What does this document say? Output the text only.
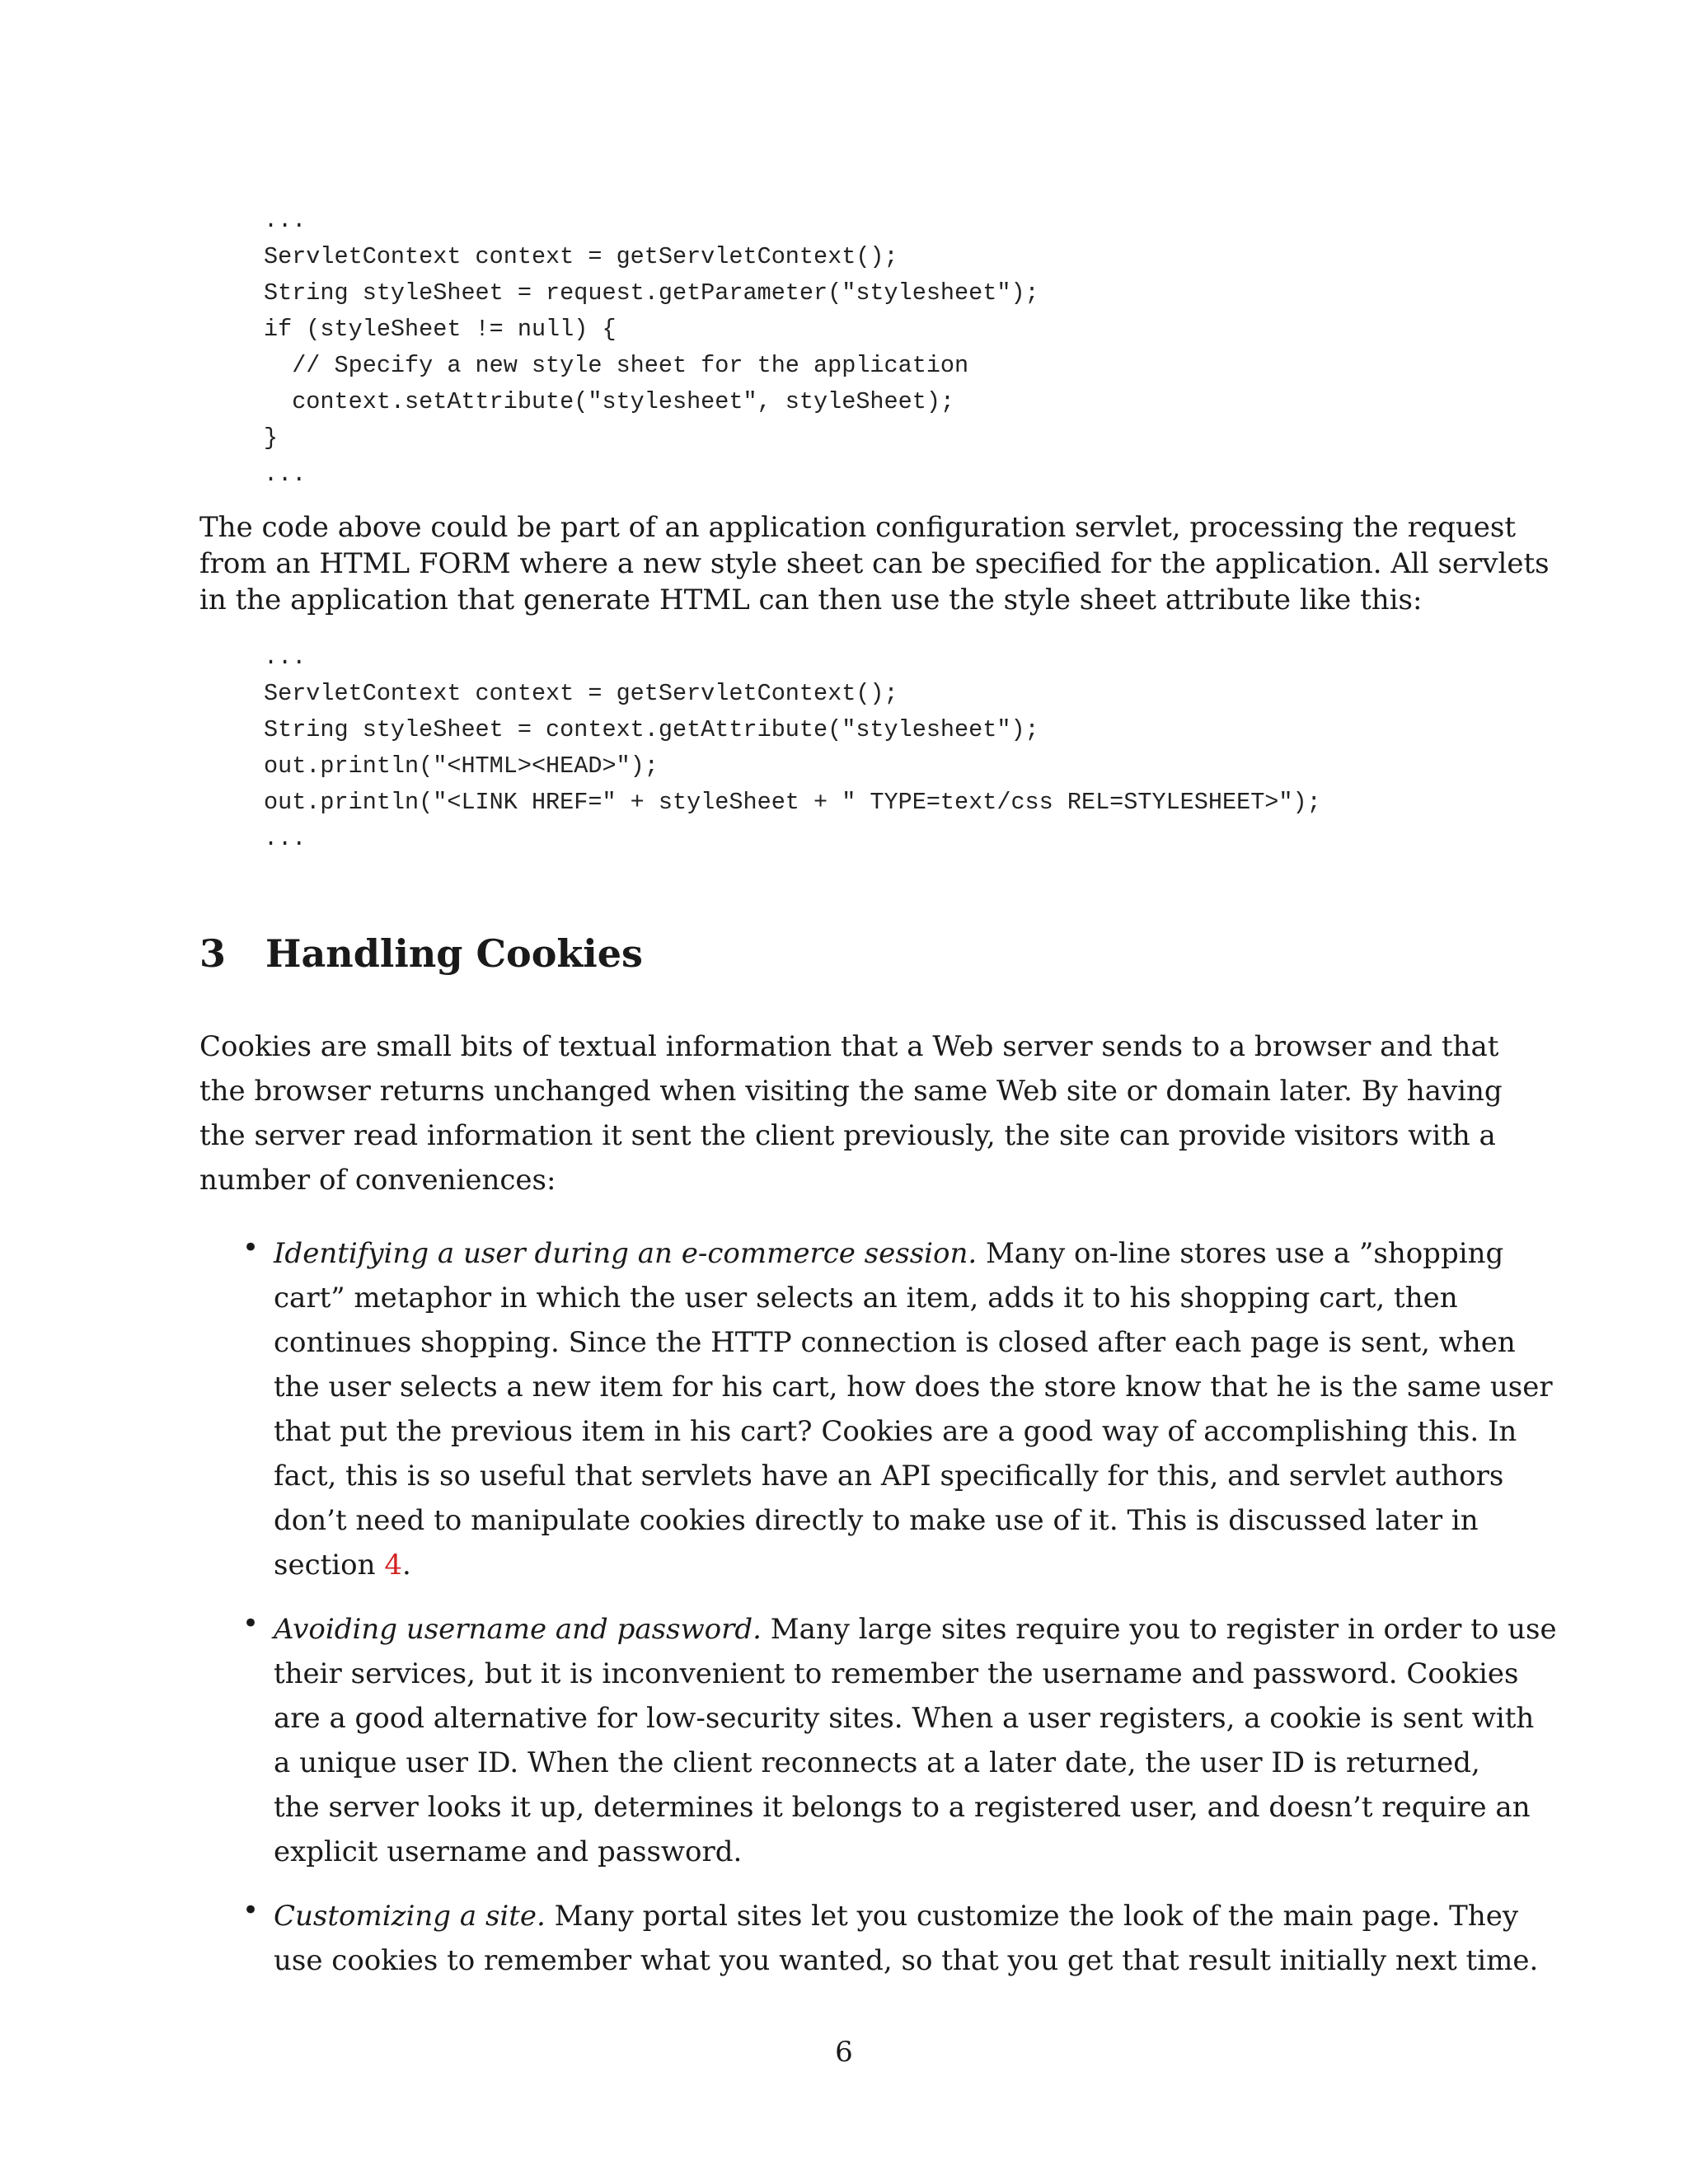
...
ServletContext context = getServletContext();
String styleSheet = request.getParameter("stylesheet");
if (styleSheet != null) {
// Specify a new style sheet for the application
context.setAttribute("stylesheet", styleSheet);
}
...
The code above could be part of an application configuration servlet, processing the request
from an HTML FORM where a new style sheet can be specified for the application. All servlets
in the application that generate HTML can then use the style sheet attribute like this:
...
ServletContext context = getServletContext();
String styleSheet = context.getAttribute("stylesheet");
out.println("<HTML><HEAD>");
out.println("<LINK HREF=" + styleSheet + " TYPE=text/css REL=STYLESHEET>");
...
3 Handling Cookies
Cookies are small bits of textual information that a Web server sends to a browser and that
the browser returns unchanged when visiting the same Web site or domain later. By having
the server read information it sent the client previously, the site can provide visitors with a
number of conveniences:
• Identifying a user during an e-commerce session. Many on-line stores use a ”shopping
cart” metaphor in which the user selects an item, adds it to his shopping cart, then
continues shopping. Since the HTTP connection is closed after each page is sent, when
the user selects a new item for his cart, how does the store know that he is the same user
that put the previous item in his cart? Cookies are a good way of accomplishing this. In
fact, this is so useful that servlets have an API specifically for this, and servlet authors
don’t need to manipulate cookies directly to make use of it. This is discussed later in
section 4.
• Avoiding username and password. Many large sites require you to register in order to use
their services, but it is inconvenient to remember the username and password. Cookies
are a good alternative for low-security sites. When a user registers, a cookie is sent with
a unique user ID. When the client reconnects at a later date, the user ID is returned,
the server looks it up, determines it belongs to a registered user, and doesn’t require an
explicit username and password.
• Customizing a site. Many portal sites let you customize the look of the main page. They
use cookies to remember what you wanted, so that you get that result initially next time.
6
